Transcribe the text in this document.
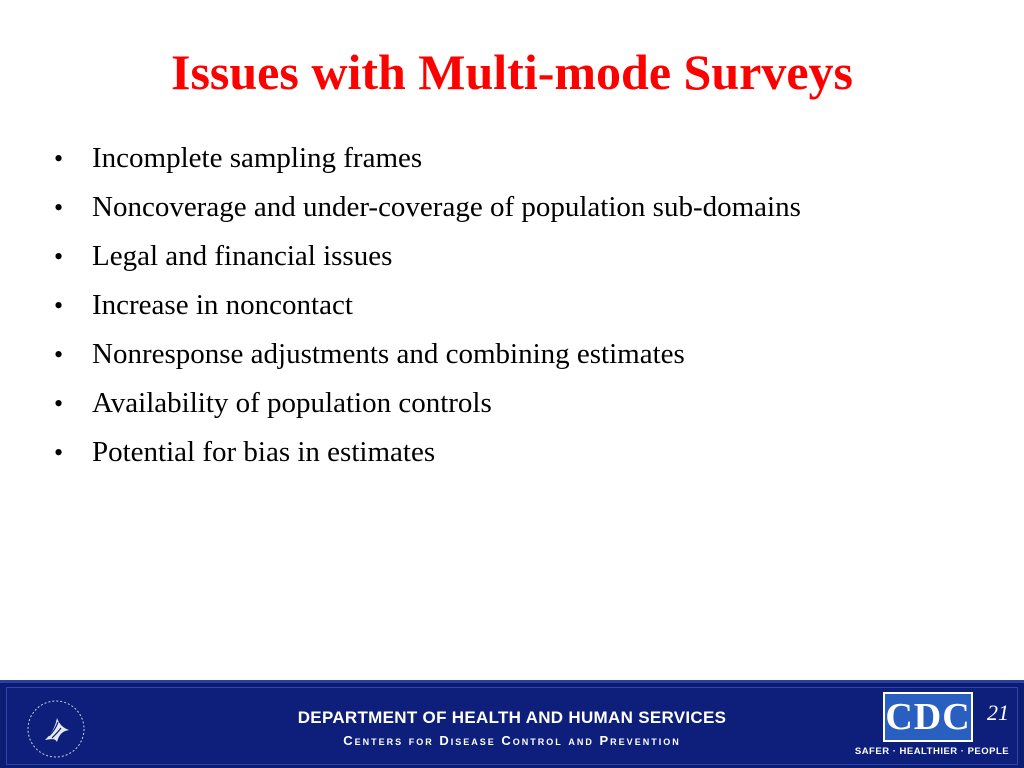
Issues with Multi-mode Surveys
• Incomplete sampling frames
• Noncoverage and under-coverage of population sub-domains
• Legal and financial issues
• Increase in noncontact
• Nonresponse adjustments and combining estimates
• Availability of population controls
• Potential for bias in estimates
DEPARTMENT OF HEALTH AND HUMAN SERVICES
Centers for Disease Control and Prevention
CDC 21
SAFER · HEALTHIER · PEOPLE
